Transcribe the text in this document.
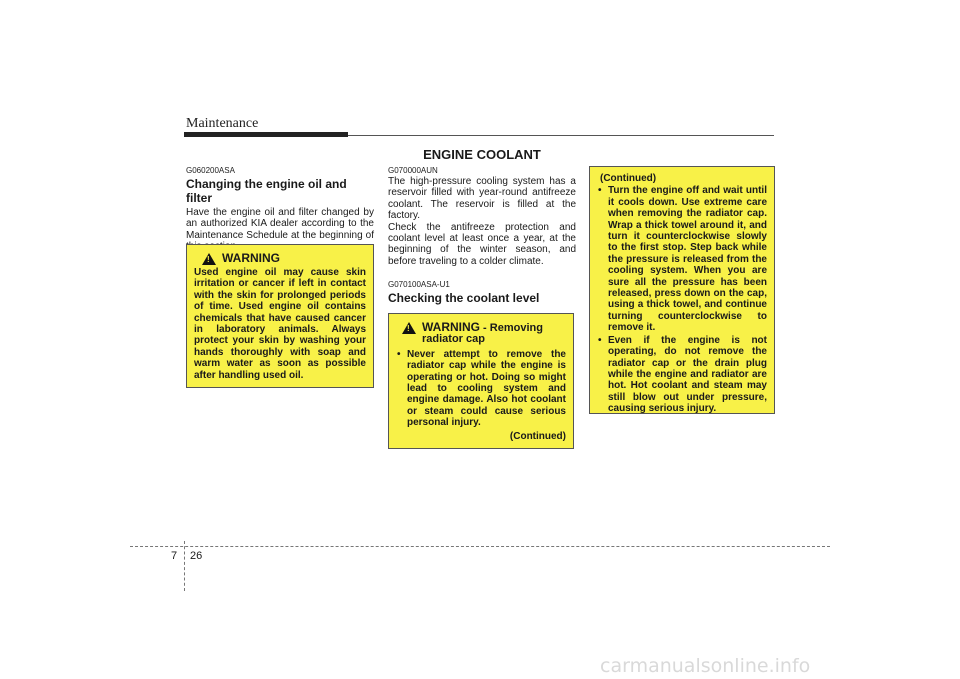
Maintenance
ENGINE COOLANT
G060200ASA
Changing the engine oil and filter
Have the engine oil and filter changed by an authorized KIA dealer according to the Maintenance Schedule at the beginning of
!
WARNING
Used engine oil may cause skin irritation or cancer if left in contact with the skin for prolonged periods of time. Used engine oil contains chemicals that have caused cancer in laboratory animals. Always protect your skin by washing your hands thoroughly with soap and warm water as soon as possible after handling used oil.
G070000AUN
The high-pressure cooling system has a reservoir filled with year-round antifreeze coolant. The reservoir is filled at the factory.
Check the antifreeze protection and coolant level at least once a year, at the beginning of the winter season, and before traveling to a colder climate.
G070100ASA-U1
Checking the coolant level
!
WARNING - Removing
radiator cap
• Never attempt to remove the radiator cap while the engine is operating or hot. Doing so might lead to cooling system and engine damage. Also hot coolant or steam could cause serious personal injury.
(Continued)
(Continued)
• Turn the engine off and wait until it cools down. Use extreme care when removing the radiator cap. Wrap a thick towel around it, and turn it counterclockwise slowly to the first stop. Step back while the pressure is released from the cooling system. When you are sure all the pressure has been released, press down on the cap, using a thick towel, and continue turning counterclockwise to remove it.
• Even if the engine is not operating, do not remove the radiator cap or the drain plug while the engine and radiator are hot. Hot coolant and steam may still blow out under pressure, causing serious injury.
7 26
carmanualsonline.info
